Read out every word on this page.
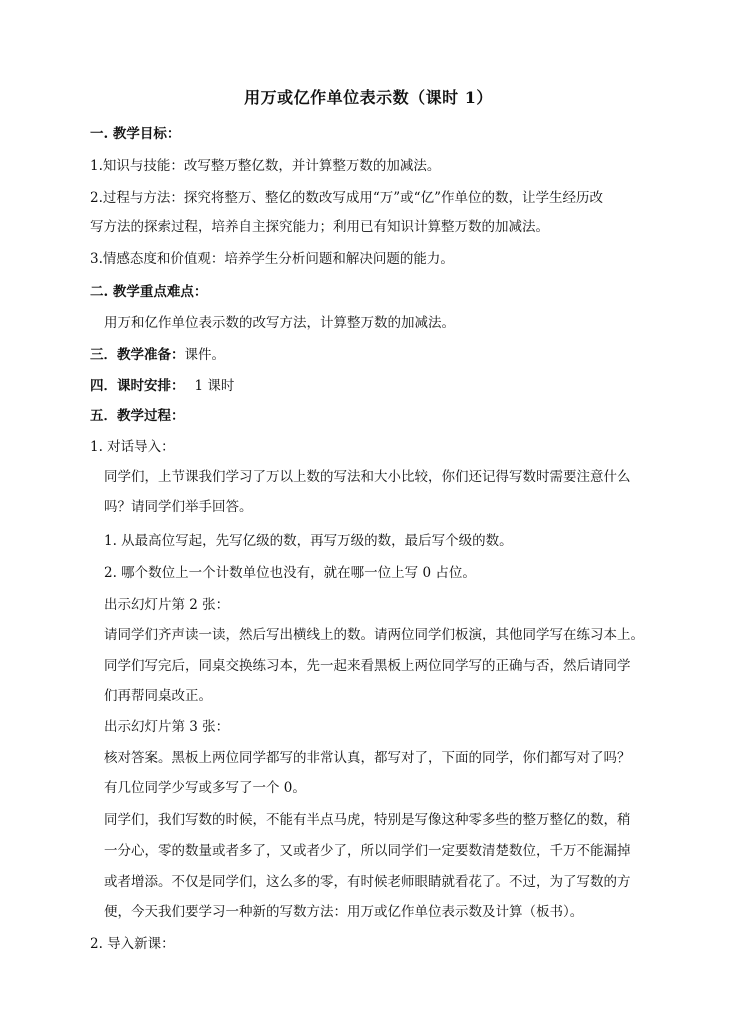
用万或亿作单位表示数（课时 1）
一. 教学目标：
1.知识与技能：改写整万整亿数，并计算整万数的加减法。
2.过程与方法：探究将整万、整亿的数改写成用“万”或“亿”作单位的数，让学生经历改
写方法的探索过程，培养自主探究能力；利用已有知识计算整万数的加减法。
3.情感态度和价值观：培养学生分析问题和解决问题的能力。
二. 教学重点难点：
用万和亿作单位表示数的改写方法，计算整万数的加减法。
三．教学准备：课件。
四．课时安排： 1 课时
五．教学过程：
1. 对话导入：
同学们，上节课我们学习了万以上数的写法和大小比较，你们还记得写数时需要注意什么
吗？请同学们举手回答。
1. 从最高位写起，先写亿级的数，再写万级的数，最后写个级的数。
2. 哪个数位上一个计数单位也没有，就在哪一位上写 0 占位。
出示幻灯片第 2 张：
请同学们齐声读一读，然后写出横线上的数。请两位同学们板演，其他同学写在练习本上。
同学们写完后，同桌交换练习本，先一起来看黑板上两位同学写的正确与否，然后请同学
们再帮同桌改正。
出示幻灯片第 3 张：
核对答案。黑板上两位同学都写的非常认真，都写对了，下面的同学，你们都写对了吗？
有几位同学少写或多写了一个 0。
同学们，我们写数的时候，不能有半点马虎，特别是写像这种零多些的整万整亿的数，稍
一分心，零的数量或者多了，又或者少了，所以同学们一定要数清楚数位，千万不能漏掉
或者增添。不仅是同学们，这么多的零，有时候老师眼睛就看花了。不过，为了写数的方
便，今天我们要学习一种新的写数方法：用万或亿作单位表示数及计算（板书）。
2. 导入新课：
